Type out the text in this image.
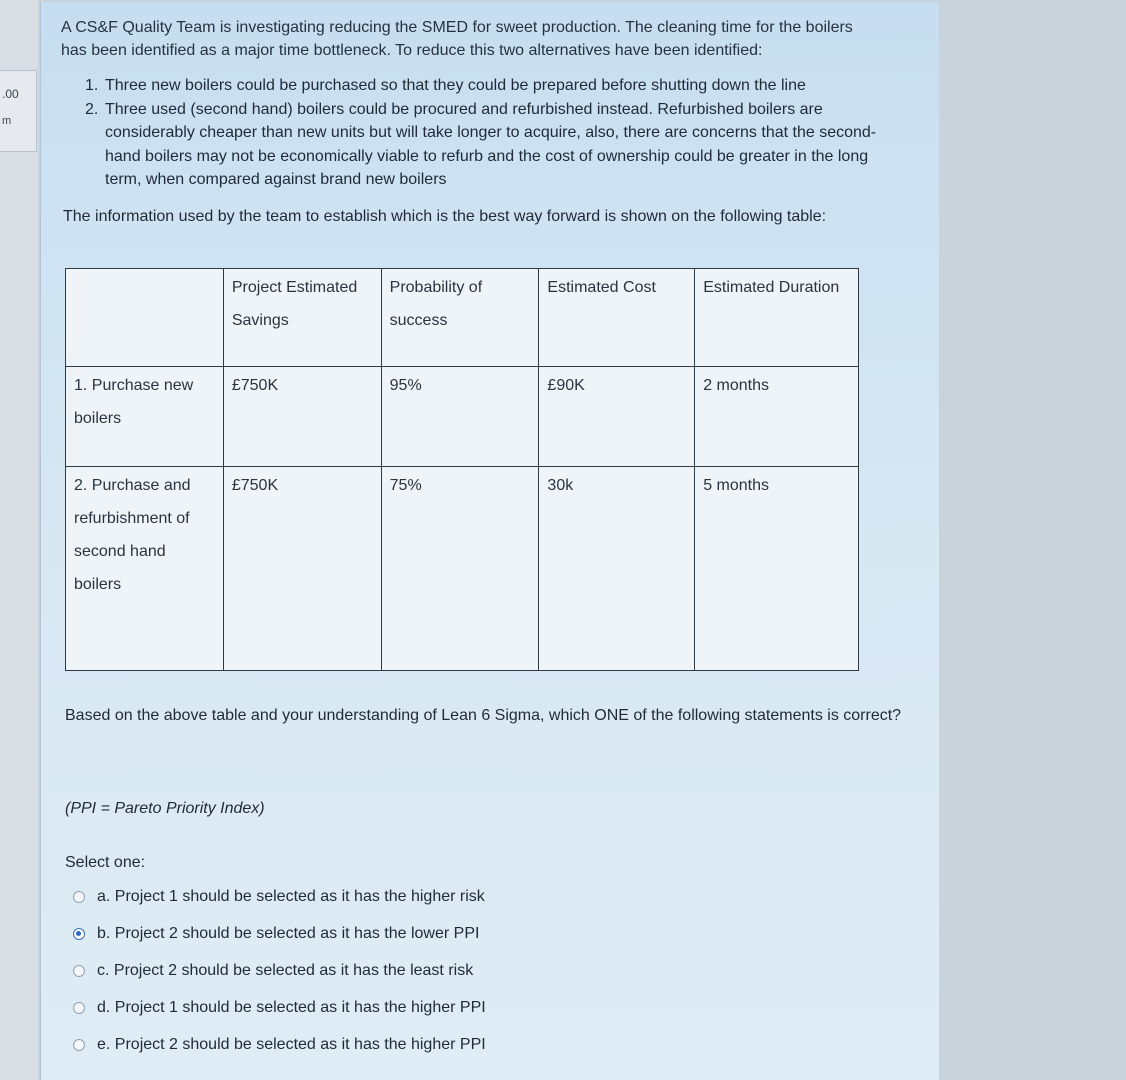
.00
m
A CS&F Quality Team is investigating reducing the SMED for sweet production. The cleaning time for the boilers has been identified as a major time bottleneck. To reduce this two alternatives have been identified:
1. Three new boilers could be purchased so that they could be prepared before shutting down the line
2. Three used (second hand) boilers could be procured and refurbished instead. Refurbished boilers are considerably cheaper than new units but will take longer to acquire, also, there are concerns that the second-hand boilers may not be economically viable to refurb and the cost of ownership could be greater in the long term, when compared against brand new boilers
The information used by the team to establish which is the best way forward is shown on the following table:
	Project Estimated Savings	Probability of success	Estimated Cost	Estimated Duration
1. Purchase new boilers	£750K	95%	£90K	2 months
2. Purchase and refurbishment of second hand boilers	£750K	75%	30k	5 months
Based on the above table and your understanding of Lean 6 Sigma, which ONE of the following statements is correct?
(PPI = Pareto Priority Index)
Select one:
a. Project 1 should be selected as it has the higher risk
b. Project 2 should be selected as it has the lower PPI
c. Project 2 should be selected as it has the least risk
d. Project 1 should be selected as it has the higher PPI
e. Project 2 should be selected as it has the higher PPI
